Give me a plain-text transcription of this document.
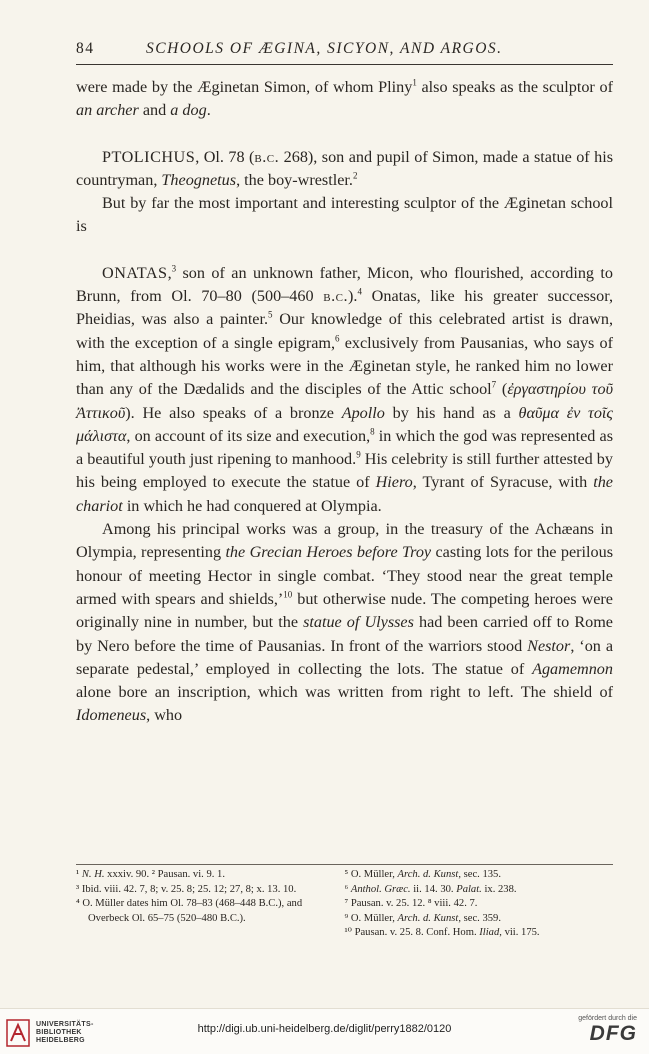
84	SCHOOLS OF ÆGINA, SICYON, AND ARGOS.

were made by the Æginetan Simon, of whom Pliny$^1$ also speaks as the sculptor of an archer and a dog.

PTOLICHUS, Ol. 78 (b.c. 268), son and pupil of Simon, made a statue of his countryman, Theognetus, the boy-wrestler.$^2$

But by far the most important and interesting sculptor of the Æginetan school is

ONATAS,$^3$ son of an unknown father, Micon, who flourished, according to Brunn, from Ol. 70–80 (500–460 b.c.).$^4$ Onatas, like his greater successor, Pheidias, was also a painter.$^5$ Our knowledge of this celebrated artist is drawn, with the exception of a single epigram,$^6$ exclusively from Pausanias, who says of him, that although his works were in the Æginetan style, he ranked him no lower than any of the Dædalids and the disciples of the Attic school$^7$ (ἐργαστηρίου τοῦ Ἀττικοῦ). He also speaks of a bronze Apollo by his hand as a θαῦμα ἐν τοῖς μάλιστα, on account of its size and execution,$^8$ in which the god was represented as a beautiful youth just ripening to manhood.$^9$ His celebrity is still further attested by his being employed to execute the statue of Hiero, Tyrant of Syracuse, with the chariot in which he had conquered at Olympia.

Among his principal works was a group, in the treasury of the Achæans in Olympia, representing the Grecian Heroes before Troy casting lots for the perilous honour of meeting Hector in single combat. ‘They stood near the great temple armed with spears and shields,’$^{10}$ but otherwise nude. The competing heroes were originally nine in number, but the statue of Ulysses had been carried off to Rome by Nero before the time of Pausanias. In front of the warriors stood Nestor, ‘on a separate pedestal,’ employed in collecting the lots. The statue of Agamemnon alone bore an inscription, which was written from right to left. The shield of Idomeneus, who

¹ N. H. xxxiv. 90. ² Pausan. vi. 9. 1.

³ Ibid. viii. 42. 7, 8; v. 25. 8; 25. 12; 27, 8; x. 13. 10.

⁴ O. Müller dates him Ol. 78–83 (468–448 B.C.), and Overbeck Ol. 65–75 (520–480 B.C.).

⁵ O. Müller, Arch. d. Kunst, sec. 135.

⁶ Anthol. Græc. ii. 14. 30. Palat. ix. 238.

⁷ Pausan. v. 25. 12. ⁸ viii. 42. 7.

⁹ O. Müller, Arch. d. Kunst, sec. 359.

¹⁰ Pausan. v. 25. 8. Conf. Hom. Iliad, vii. 175.

UNIVERSITÄTS-
BIBLIOTHEK
HEIDELBERG
http://digi.ub.uni-heidelberg.de/diglit/perry1882/0120
gefördert durch die
DFG
